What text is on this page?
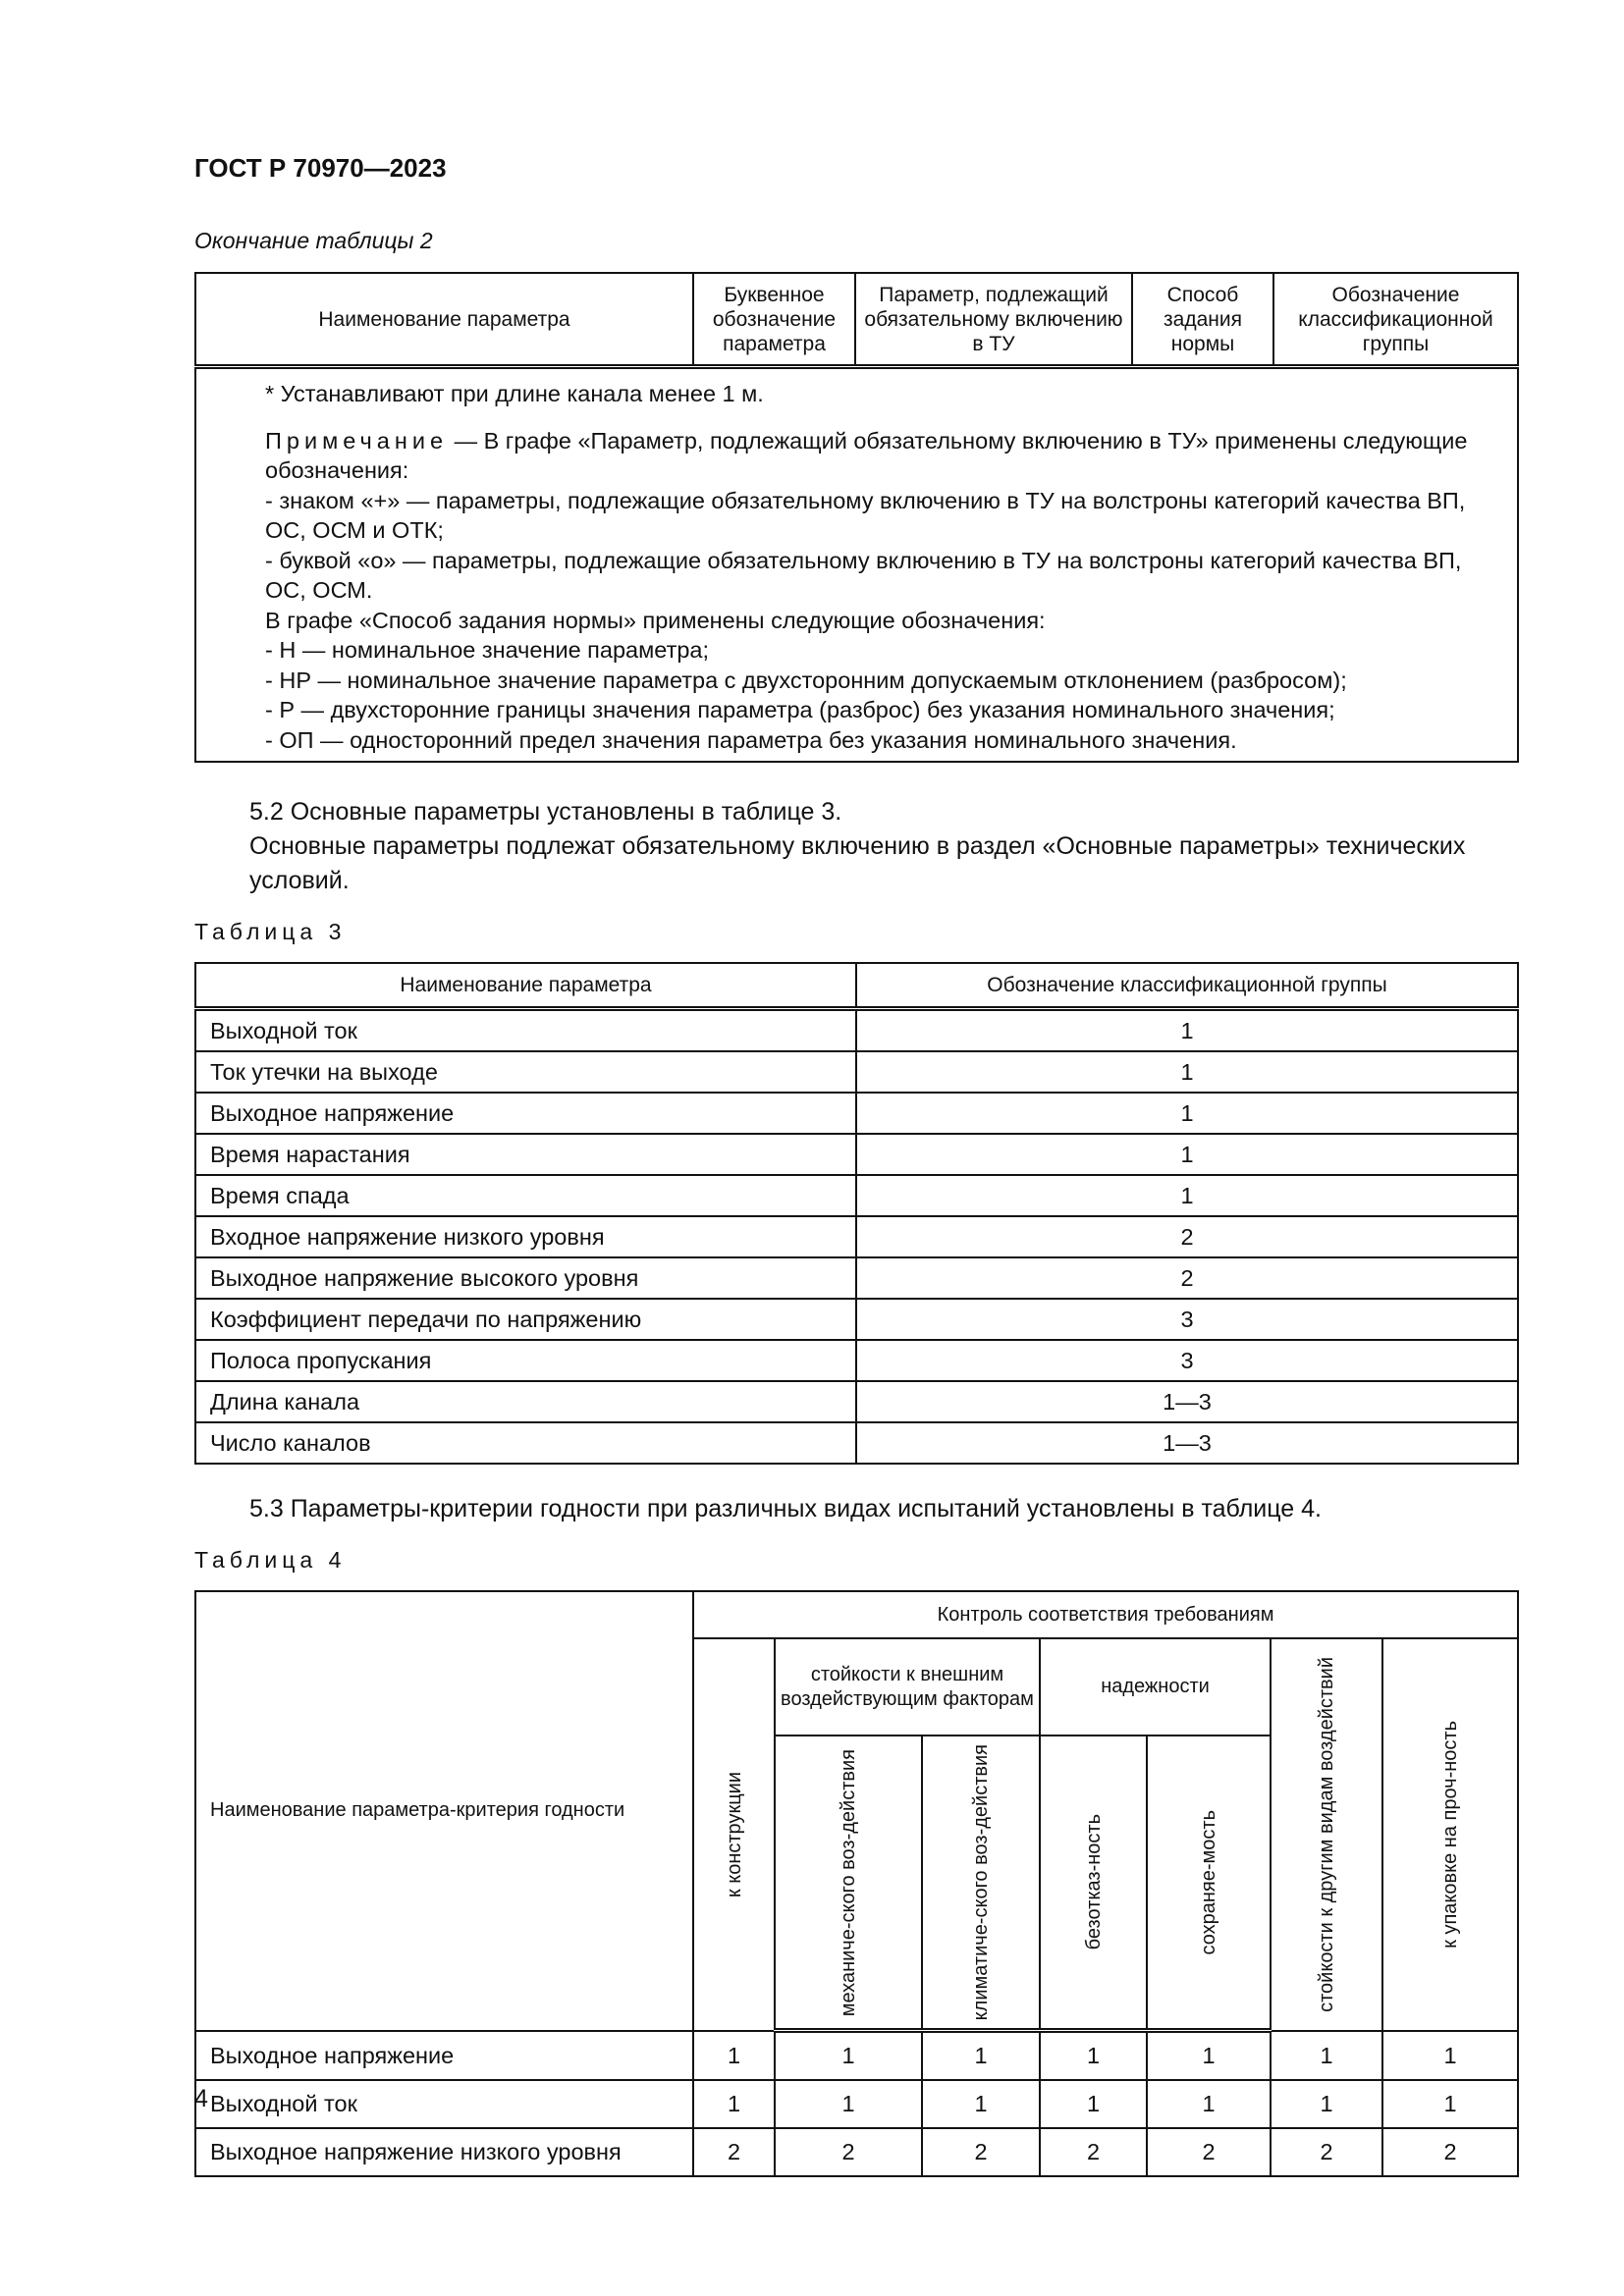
ГОСТ Р 70970—2023
Окончание таблицы 2
Наименование параметра	Буквенное обозначение параметра	Параметр, подлежащий обязательному включению в ТУ	Способ задания нормы	Обозначение классификационной группы

* Устанавливают при длине канала менее 1 м.

Примечание — В графе «Параметр, подлежащий обязательному включению в ТУ» применены следующие обозначения:

- знаком «+» — параметры, подлежащие обязательному включению в ТУ на волстроны категорий качества ВП, ОС, ОСМ и ОТК;

- буквой «о» — параметры, подлежащие обязательному включению в ТУ на волстроны категорий качества ВП, ОС, ОСМ.

В графе «Способ задания нормы» применены следующие обозначения:

- Н — номинальное значение параметра;

- НР — номинальное значение параметра с двухсторонним допускаемым отклонением (разбросом);

- Р — двухсторонние границы значения параметра (разброс) без указания номинального значения;

- ОП — односторонний предел значения параметра без указания номинального значения.

5.2 Основные параметры установлены в таблице 3.

Основные параметры подлежат обязательному включению в раздел «Основные параметры» технических условий.

Таблица 3
Наименование параметра	Обозначение классификационной группы
Выходной ток	1
Ток утечки на выходе	1
Выходное напряжение	1
Время нарастания	1
Время спада	1
Входное напряжение низкого уровня	2
Выходное напряжение высокого уровня	2
Коэффициент передачи по напряжению	3
Полоса пропускания	3
Длина канала	1—3
Число каналов	1—3

5.3 Параметры-критерии годности при различных видах испытаний установлены в таблице 4.

Таблица 4
Наименование параметра-критерия годности	Контроль соответствия требованиям						

	к конструкции	стойкости к внешним воздействующим факторам		надежности		стойкости к другим видам воздействий	к упаковке на проч-ность

		механиче-ского воз-действия	климатиче-ского воз-действия	безотказ-ность	сохраняе-мость		

Выходное напряжение	1	1	1	1	1	1	1
Выходной ток	1	1	1	1	1	1	1
Выходное напряжение низкого уровня	2	2	2	2	2	2	2
4
